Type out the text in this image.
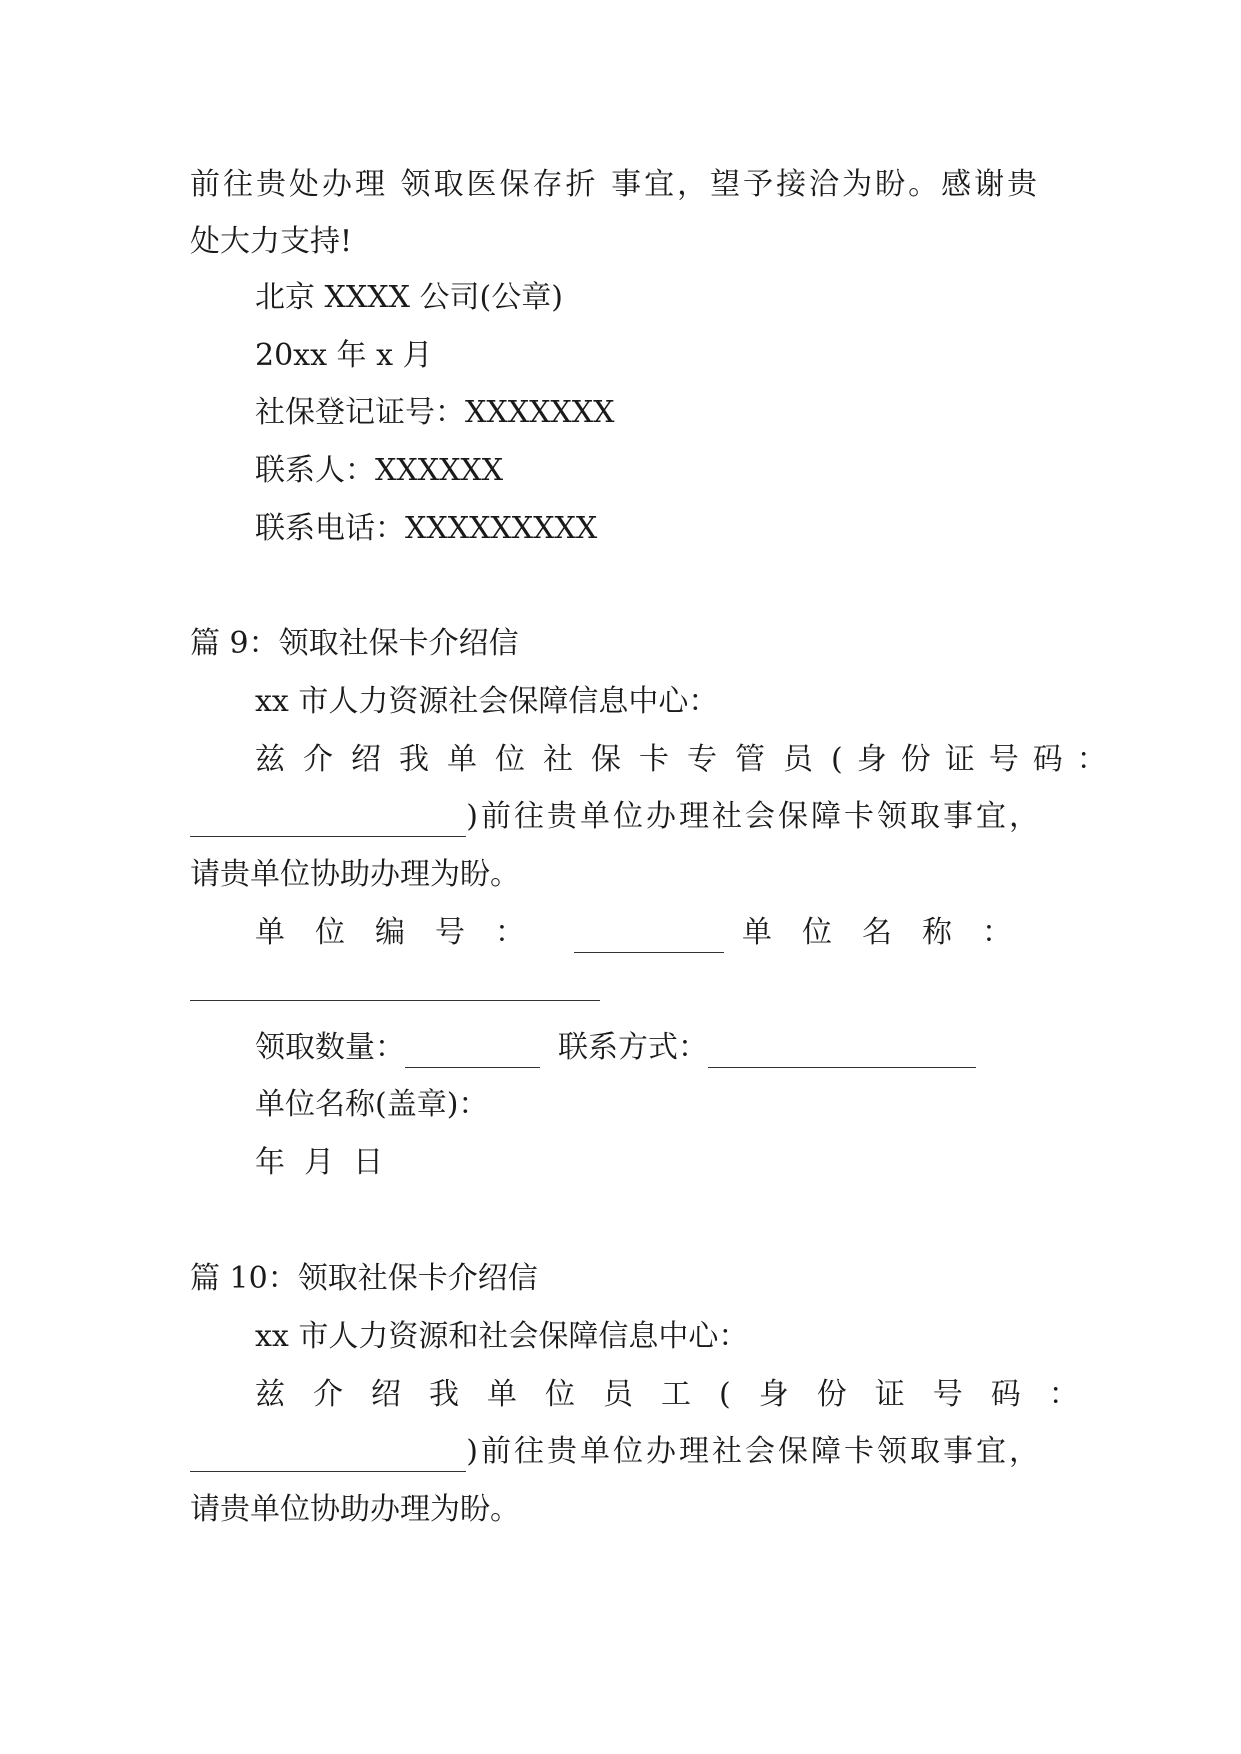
前往贵处办理 领取医保存折 事宜，望予接洽为盼。感谢贵

处大力支持!

北京 XXXX 公司(公章)

20xx 年 x 月

社保登记证号：XXXXXXX

联系人：XXXXXX

联系电话：XXXXXXXXX

篇 9：领取社保卡介绍信

xx 市人力资源社会保障信息中心：

兹介绍我单位社保卡专管员 (身份证号码：
)前往贵单位办理社会保障卡领取事宜，

请贵单位协助办理为盼。

单位编号：	单位名称：
领取数量：	联系方式：

单位名称(盖章)：

年  月  日

篇 10：领取社保卡介绍信

xx 市人力资源和社会保障信息中心：

兹介绍我单位员工 (身份证号码：
)前往贵单位办理社会保障卡领取事宜，

请贵单位协助办理为盼。
